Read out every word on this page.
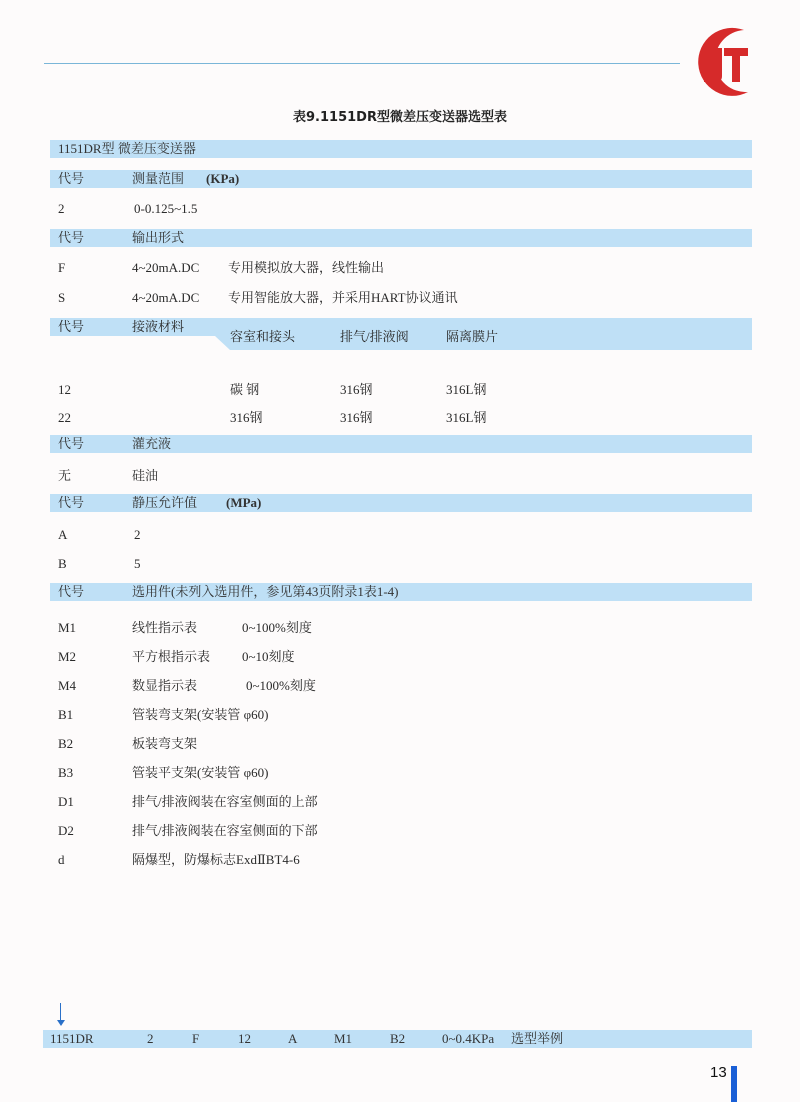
表9.1151DR型微差压变送器选型表
1151DR型 微差压变送器
代号	测量范围 (KPa)
2	0-0.125~1.5
代号	输出形式
F	4~20mA.DC 专用模拟放大器，线性输出
S	4~20mA.DC 专用智能放大器，并采用HART协议通讯
代号	接液材料
容室和接头	排气/排液阀	隔离膜片
12	碳 钢	316钢	316L钢
22	316钢	316钢	316L钢
代号	灌充液
无	硅油
代号	静压允许值 (MPa)
A	2
B	5
代号	选用件(未列入选用件，参见第43页附录1表1-4)
M1	线性指示表	0~100%刻度
M2	平方根指示表 0~10刻度
M4	数显指示表	0~100%刻度
B1	管装弯支架(安装管 φ60)
B2	板装弯支架
B3	管装平支架(安装管 φ60)
D1	排气/排液阀装在容室侧面的上部
D2	排气/排液阀装在容室侧面的下部
d	隔爆型，防爆标志ExdⅡBT4-6
1151DR	2	F	12	A	M1	B2	0~0.4KPa 选型举例
13
